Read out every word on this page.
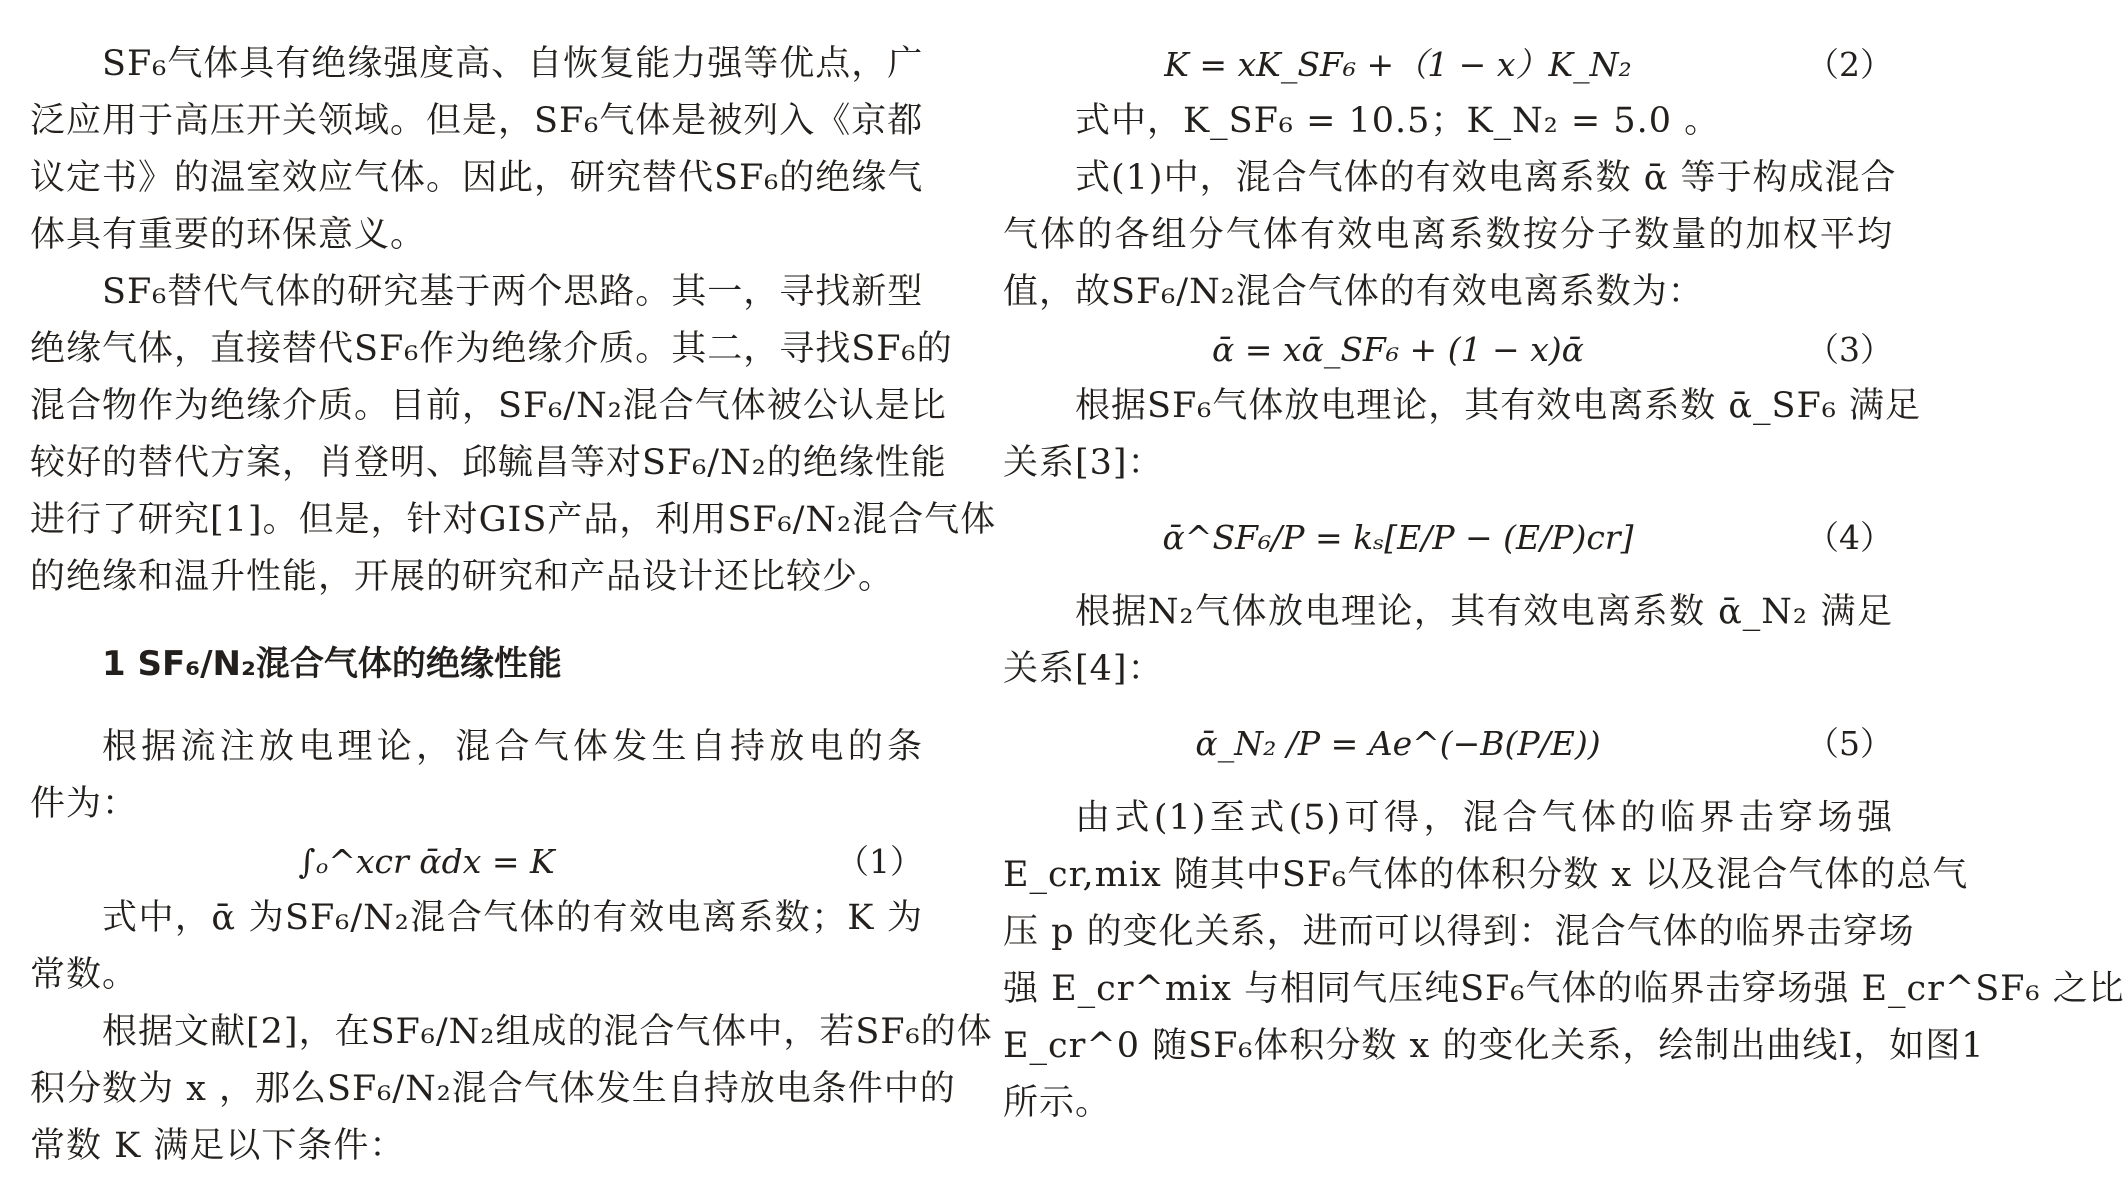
SF₆气体具有绝缘强度高、自恢复能力强等优点，广
泛应用于高压开关领域。但是，SF₆气体是被列入《京都
议定书》的温室效应气体。因此，研究替代SF₆的绝缘气
体具有重要的环保意义。
SF₆替代气体的研究基于两个思路。其一，寻找新型
绝缘气体，直接替代SF₆作为绝缘介质。其二，寻找SF₆的
混合物作为绝缘介质。目前，SF₆/N₂混合气体被公认是比
较好的替代方案，肖登明、邱毓昌等对SF₆/N₂的绝缘性能
进行了研究[1]。但是，针对GIS产品，利用SF₆/N₂混合气体
的绝缘和温升性能，开展的研究和产品设计还比较少。
1 SF₆/N₂混合气体的绝缘性能
根据流注放电理论，混合气体发生自持放电的条
件为：
∫ₒ^xcr ᾱdx = K	（1）
式中，ᾱ 为SF₆/N₂混合气体的有效电离系数；K 为
常数。
根据文献[2]，在SF₆/N₂组成的混合气体中，若SF₆的体
积分数为 x ，那么SF₆/N₂混合气体发生自持放电条件中的
常数 K 满足以下条件：
K = xK_SF₆ +（1 − x）K_N₂	（2）
式中，K_SF₆ = 10.5；K_N₂ = 5.0 。
式(1)中，混合气体的有效电离系数 ᾱ 等于构成混合
气体的各组分气体有效电离系数按分子数量的加权平均
值，故SF₆/N₂混合气体的有效电离系数为：
ᾱ = xᾱ_SF₆ + (1 − x)ᾱ	（3）
根据SF₆气体放电理论，其有效电离系数 ᾱ_SF₆ 满足
关系[3]：
ᾱ^SF₆/P = kₛ[E/P − (E/P)cr]	（4）
根据N₂气体放电理论，其有效电离系数 ᾱ_N₂ 满足
关系[4]：
ᾱ_N₂ /P = Ae^(−B(P/E))	（5）
由式(1)至式(5)可得，混合气体的临界击穿场强
E_cr,mix 随其中SF₆气体的体积分数 x 以及混合气体的总气
压 p 的变化关系，进而可以得到：混合气体的临界击穿场
强 E_cr^mix 与相同气压纯SF₆气体的临界击穿场强 E_cr^SF₆ 之比
E_cr^0 随SF₆体积分数 x 的变化关系，绘制出曲线Ⅰ，如图1
所示。
